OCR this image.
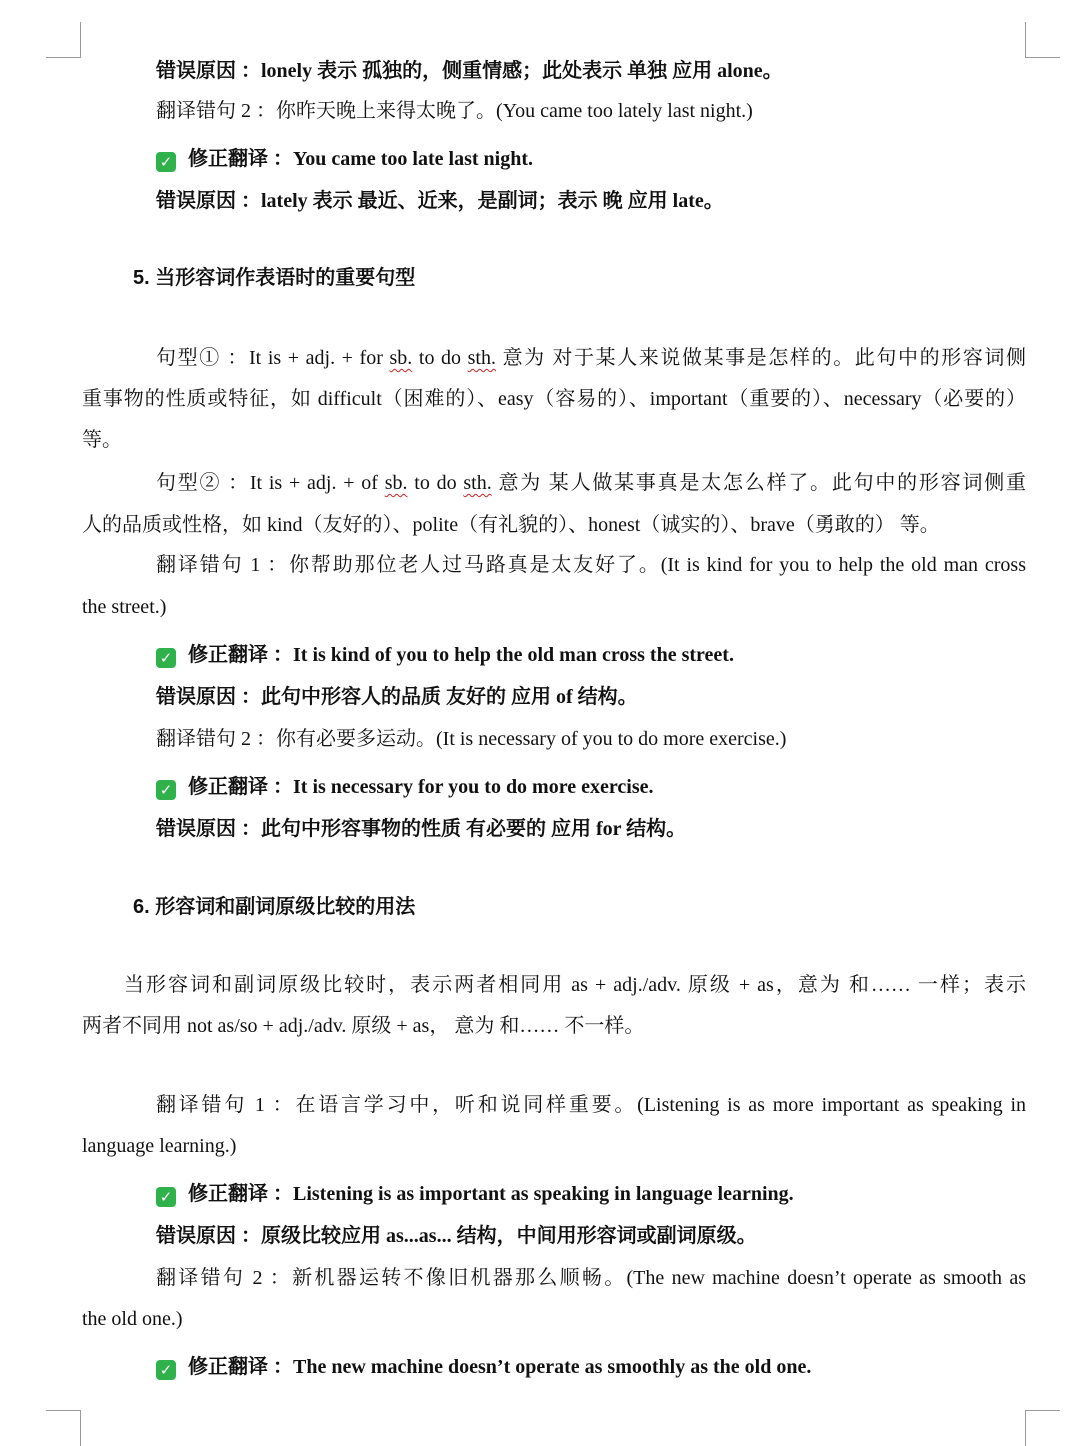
错误原因 ：lonely 表示 孤独的，侧重情感；此处表示 单独 应用 alone。
翻译错句 2 ：你昨天晚上来得太晚了。(You came too lately last night.)
✓ 修正翻译 ：You came too late last night.
错误原因 ：lately 表示 最近、近来，是副词；表示 晚 应用 late。
5. 当形容词作表语时的重要句型
句型① ：It is + adj. + for sb. to do sth. 意为 对于某人来说做某事是怎样的。此句中的形容词侧
重事物的性质或特征，如 difficult（困难的）、easy（容易的）、important（重要的）、necessary（必要的）
等。
句型② ：It is + adj. + of sb. to do sth. 意为 某人做某事真是太怎么样了。此句中的形容词侧重
人的品质或性格，如 kind（友好的）、polite（有礼貌的）、honest（诚实的）、brave（勇敢的） 等。
翻译错句 1 ：你帮助那位老人过马路真是太友好了。(It is kind for you to help the old man cross
the street.)
✓ 修正翻译 ：It is kind of you to help the old man cross the street.
错误原因 ：此句中形容人的品质 友好的 应用 of 结构。
翻译错句 2 ：你有必要多运动。(It is necessary of you to do more exercise.)
✓ 修正翻译 ：It is necessary for you to do more exercise.
错误原因 ：此句中形容事物的性质 有必要的 应用 for 结构。
6. 形容词和副词原级比较的用法
当形容词和副词原级比较时，表示两者相同用 as + adj./adv. 原级 + as，意为 和…… 一样；表示
两者不同用 not as/so + adj./adv. 原级 + as， 意为 和…… 不一样。
翻译错句 1 ：在语言学习中，听和说同样重要。(Listening is as more important as speaking in
language learning.)
✓ 修正翻译 ：Listening is as important as speaking in language learning.
错误原因 ：原级比较应用 as...as... 结构，中间用形容词或副词原级。
翻译错句 2 ：新机器运转不像旧机器那么顺畅。(The new machine doesn’t operate as smooth as
the old one.)
✓ 修正翻译 ：The new machine doesn’t operate as smoothly as the old one.
